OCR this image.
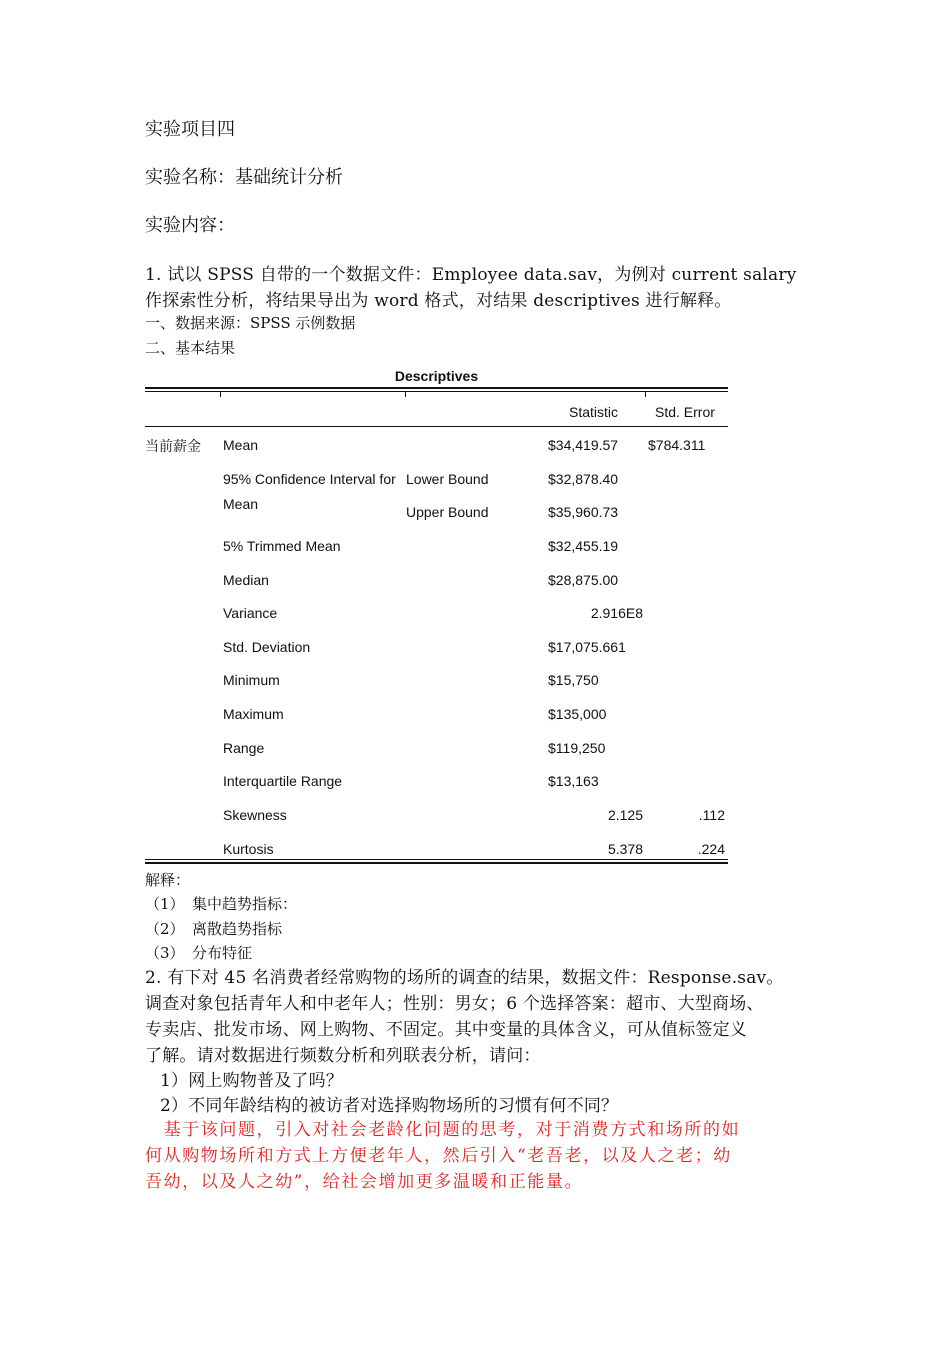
实验项目四
实验名称：基础统计分析
实验内容：
1. 试以 SPSS 自带的一个数据文件：Employee data.sav，为例对 current salary
作探索性分析，将结果导出为 word 格式，对结果 descriptives 进行解释。
一、数据来源：SPSS 示例数据
二、基本结果
Descriptives
Statistic	Std. Error
当前薪金 Mean	$34,419.57 $784.311
95% Confidence Interval for Lower Bound	$32,878.40
Mean	Upper Bound	$35,960.73
5% Trimmed Mean	$32,455.19
Median	$28,875.00
Variance	2.916E8
Std. Deviation	$17,075.661
Minimum	$15,750
Maximum	$135,000
Range	$119,250
Interquartile Range	$13,163
Skewness	2.125	.112
Kurtosis	5.378	.224
解释：
（1）　集中趋势指标：
（2）　离散趋势指标
（3）　分布特征
2. 有下对 45 名消费者经常购物的场所的调查的结果，数据文件：Response.sav。
调查对象包括青年人和中老年人；性别：男女；6 个选择答案：超市、大型商场、
专卖店、批发市场、网上购物、不固定。其中变量的具体含义，可从值标签定义
了解。请对数据进行频数分析和列联表分析，请问：
1）网上购物普及了吗？
2）不同年龄结构的被访者对选择购物场所的习惯有何不同？
　基于该问题，引入对社会老龄化问题的思考，对于消费方式和场所的如
何从购物场所和方式上方便老年人，然后引入“老吾老，以及人之老；幼
吾幼，以及人之幼”，给社会增加更多温暖和正能量。
